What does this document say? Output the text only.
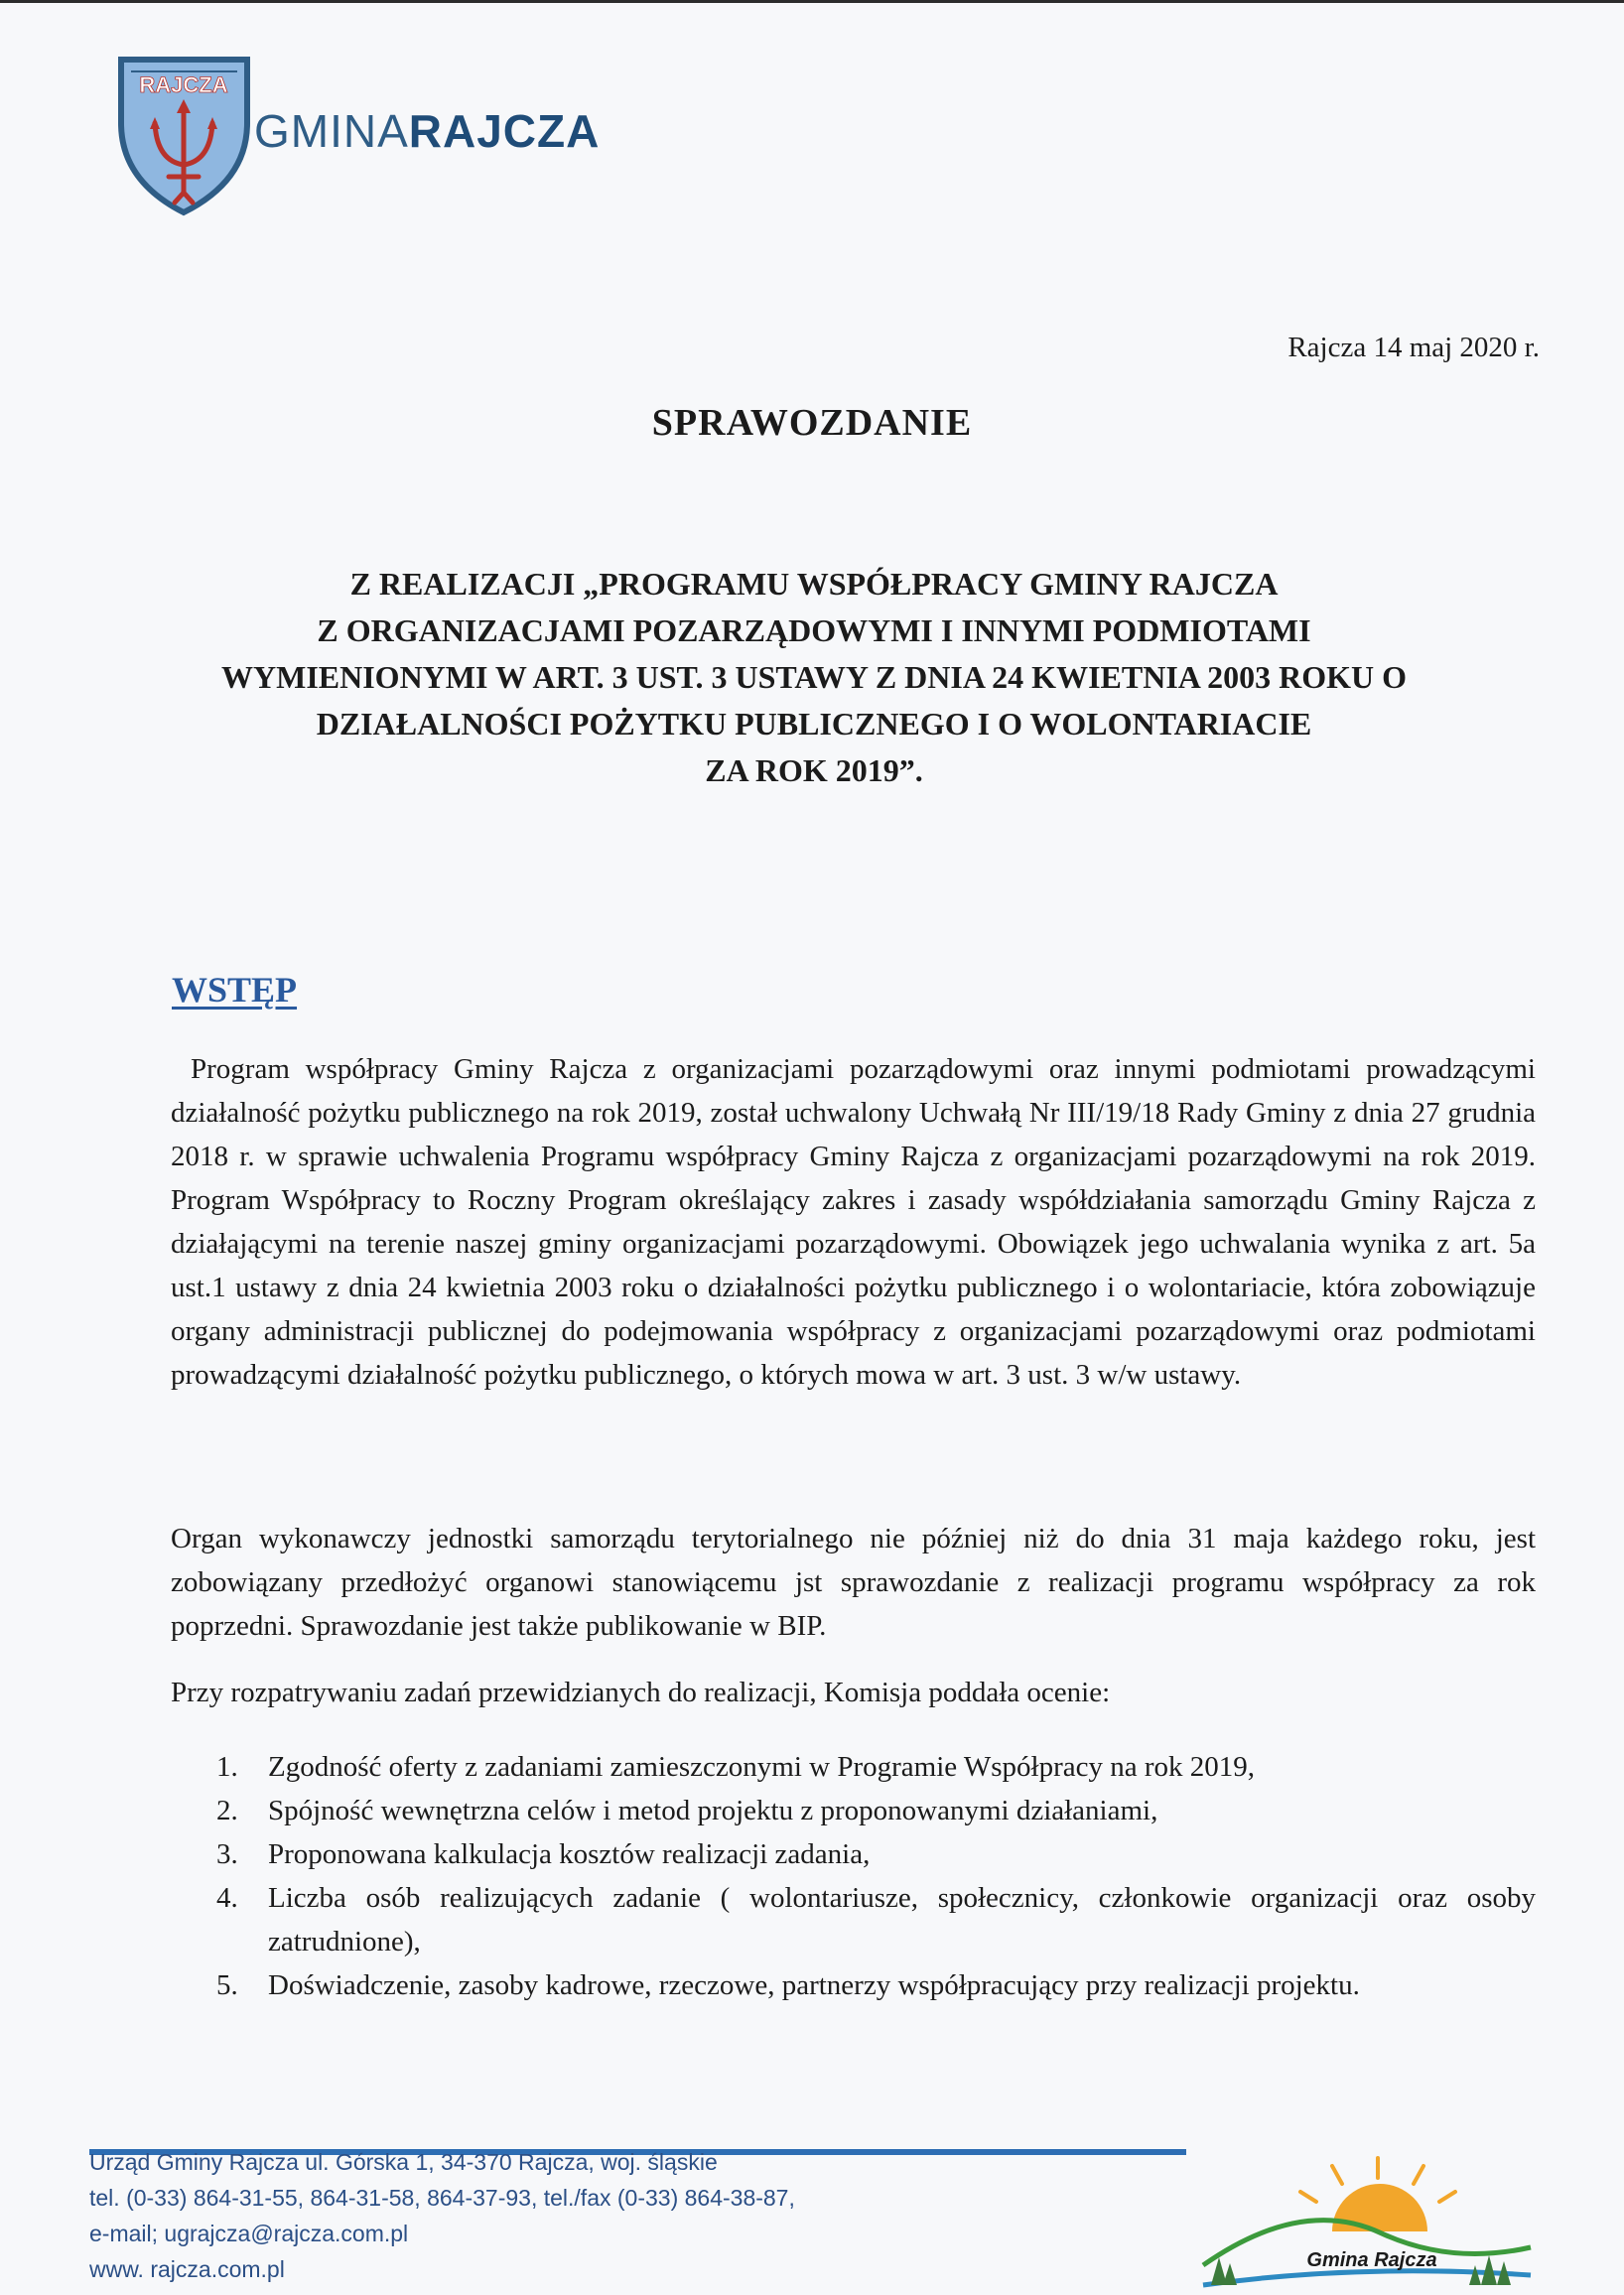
RAJCZA
GMINARAJCZA
Rajcza 14 maj 2020 r.
SPRAWOZDANIE
Z REALIZACJI „PROGRAMU WSPÓŁPRACY GMINY RAJCZA
Z ORGANIZACJAMI POZARZĄDOWYMI I INNYMI PODMIOTAMI
WYMIENIONYMI W ART. 3 UST. 3 USTAWY Z DNIA 24 KWIETNIA 2003 ROKU O
DZIAŁALNOŚCI POŻYTKU PUBLICZNEGO I O WOLONTARIACIE
ZA ROK 2019”.
WSTĘP

Program współpracy Gminy Rajcza z organizacjami pozarządowymi oraz innymi podmiotami prowadzącymi działalność pożytku publicznego na rok 2019, został uchwalony Uchwałą Nr III/19/18 Rady Gminy z dnia 27 grudnia 2018 r. w sprawie uchwalenia Programu współpracy Gminy Rajcza z organizacjami pozarządowymi na rok 2019. Program Współpracy to Roczny Program określający zakres i zasady współdziałania samorządu Gminy Rajcza z działającymi na terenie naszej gminy organizacjami pozarządowymi. Obowiązek jego uchwalania wynika z art. 5a ust.1 ustawy z dnia 24 kwietnia 2003 roku o działalności pożytku publicznego i o wolontariacie, która zobowiązuje organy administracji publicznej do podejmowania współpracy z organizacjami pozarządowymi oraz podmiotami prowadzącymi działalność pożytku publicznego, o których mowa w art. 3 ust. 3 w/w ustawy.

Organ wykonawczy jednostki samorządu terytorialnego nie później niż do dnia 31 maja każdego roku, jest zobowiązany przedłożyć organowi stanowiącemu jst sprawozdanie z realizacji programu współpracy za rok poprzedni. Sprawozdanie jest także publikowanie w BIP.

Przy rozpatrywaniu zadań przewidzianych do realizacji, Komisja poddała ocenie:

1. Zgodność oferty z zadaniami zamieszczonymi w Programie Współpracy na rok 2019,
2. Spójność wewnętrzna celów i metod projektu z proponowanymi działaniami,
3. Proponowana kalkulacja kosztów realizacji zadania,
4. Liczba osób realizujących zadanie ( wolontariusze, społecznicy, członkowie organizacji oraz osoby zatrudnione),
5. Doświadczenie, zasoby kadrowe, rzeczowe, partnerzy współpracujący przy realizacji projektu.

Urząd Gminy Rajcza ul. Górska 1, 34-370 Rajcza, woj. śląskie
tel. (0-33) 864-31-55, 864-31-58, 864-37-93, tel./fax (0-33) 864-38-87,
e-mail; ugrajcza@rajcza.com.pl
www. rajcza.com.pl	Gmina Rajcza
